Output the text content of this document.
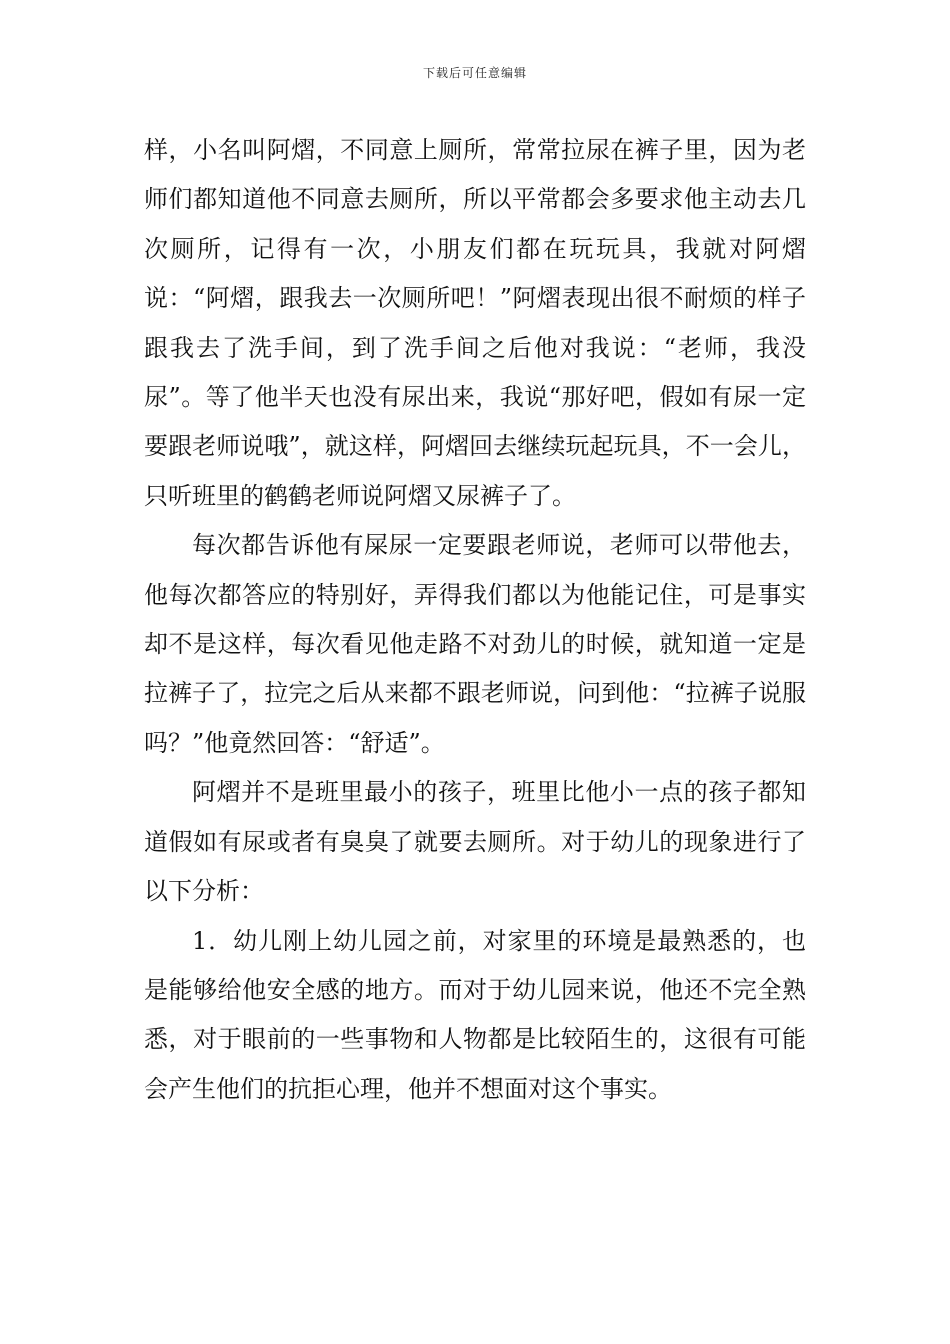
下载后可任意编辑

样，小名叫阿熠，不同意上厕所，常常拉尿在裤子里，因为老师们都知道他不同意去厕所，所以平常都会多要求他主动去几次厕所，记得有一次，小朋友们都在玩玩具，我就对阿熠说：“阿熠，跟我去一次厕所吧！”阿熠表现出很不耐烦的样子跟我去了洗手间，到了洗手间之后他对我说：“老师，我没尿”。等了他半天也没有尿出来，我说“那好吧，假如有尿一定要跟老师说哦”，就这样，阿熠回去继续玩起玩具，不一会儿，只听班里的鹤鹤老师说阿熠又尿裤子了。

每次都告诉他有屎尿一定要跟老师说，老师可以带他去，他每次都答应的特别好，弄得我们都以为他能记住，可是事实却不是这样，每次看见他走路不对劲儿的时候，就知道一定是拉裤子了，拉完之后从来都不跟老师说，问到他：“拉裤子说服吗？”他竟然回答：“舒适”。

阿熠并不是班里最小的孩子，班里比他小一点的孩子都知道假如有尿或者有臭臭了就要去厕所。对于幼儿的现象进行了以下分析：

1．幼儿刚上幼儿园之前，对家里的环境是最熟悉的，也是能够给他安全感的地方。而对于幼儿园来说，他还不完全熟悉，对于眼前的一些事物和人物都是比较陌生的，这很有可能会产生他们的抗拒心理，他并不想面对这个事实。
